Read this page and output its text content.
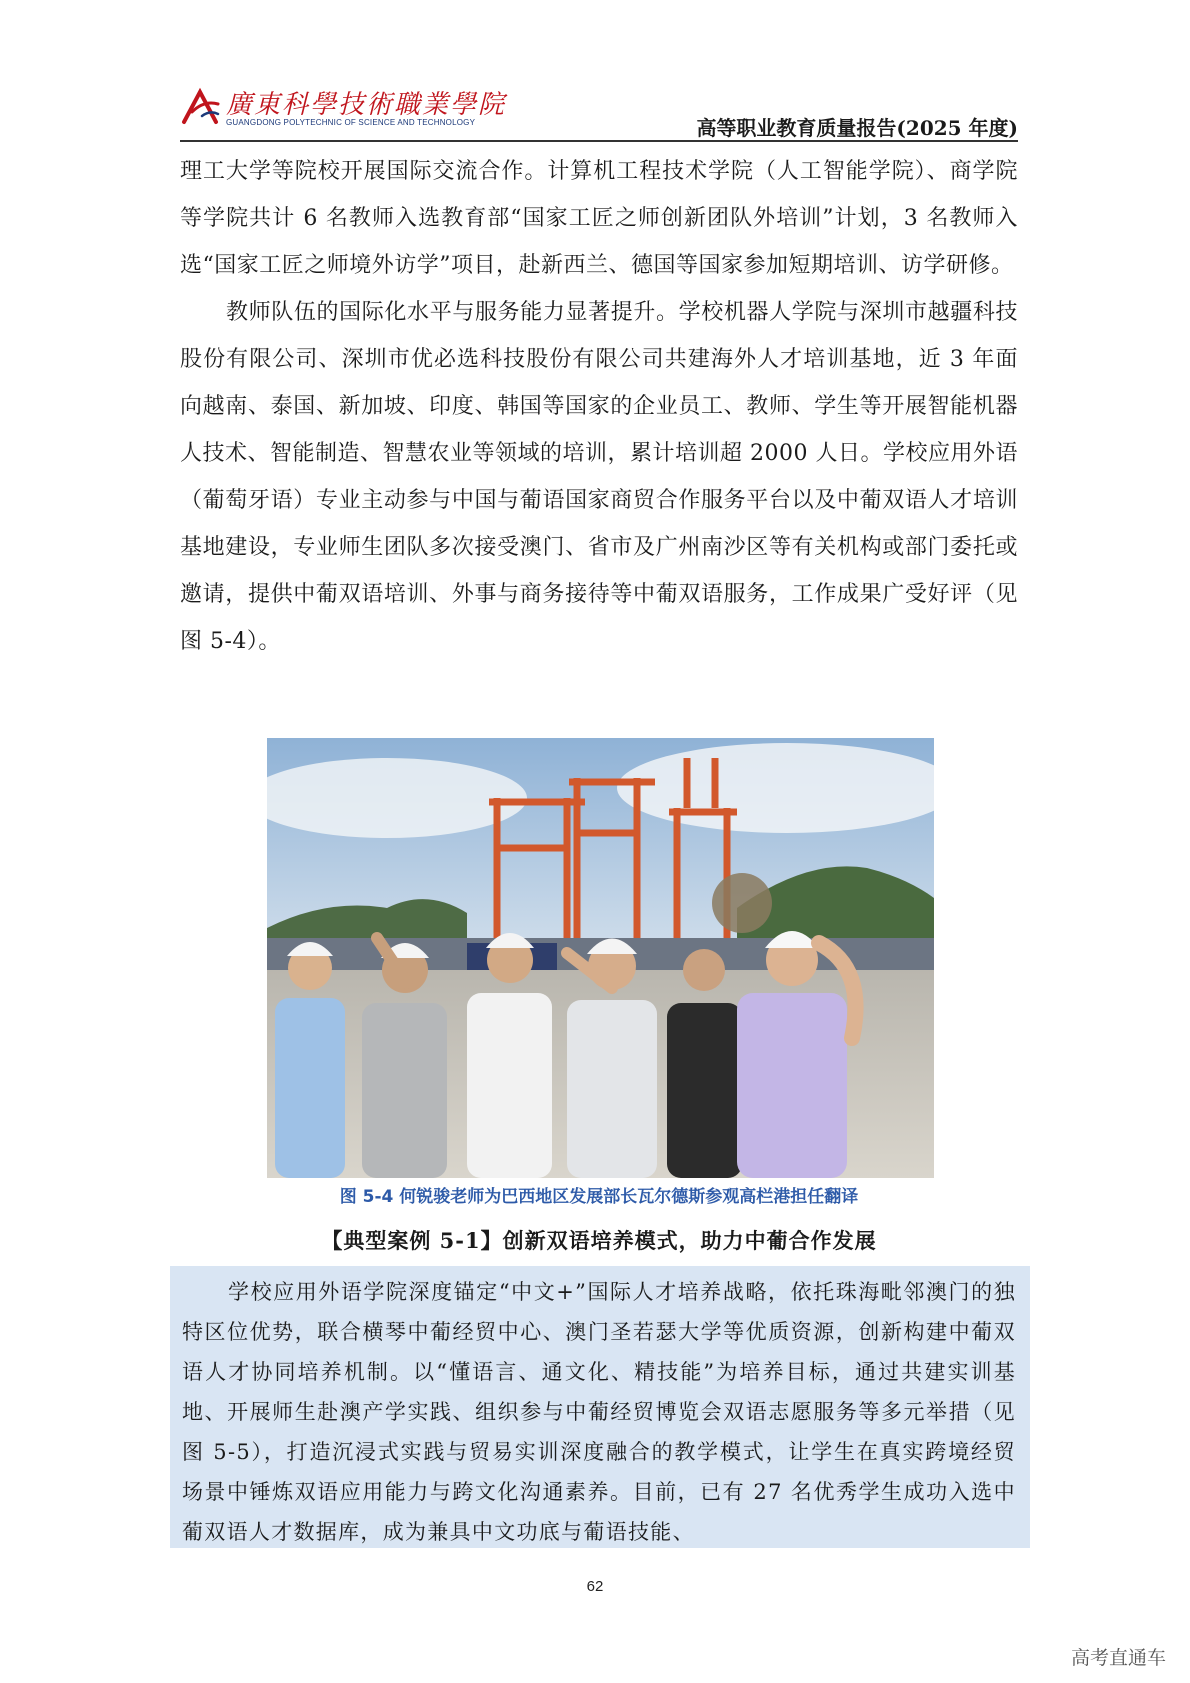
廣東科學技術職業學院
GUANGDONG POLYTECHNIC OF SCIENCE AND TECHNOLOGY	高等职业教育质量报告(2025 年度)

理工大学等院校开展国际交流合作。计算机工程技术学院（人工智能学院）、商学院等学院共计 6 名教师入选教育部“国家工匠之师创新团队外培训”计划，3 名教师入选“国家工匠之师境外访学”项目，赴新西兰、德国等国家参加短期培训、访学研修。

教师队伍的国际化水平与服务能力显著提升。学校机器人学院与深圳市越疆科技股份有限公司、深圳市优必选科技股份有限公司共建海外人才培训基地，近 3 年面向越南、泰国、新加坡、印度、韩国等国家的企业员工、教师、学生等开展智能机器人技术、智能制造、智慧农业等领域的培训，累计培训超 2000 人日。学校应用外语（葡萄牙语）专业主动参与中国与葡语国家商贸合作服务平台以及中葡双语人才培训基地建设，专业师生团队多次接受澳门、省市及广州南沙区等有关机构或部门委托或邀请，提供中葡双语培训、外事与商务接待等中葡双语服务，工作成果广受好评（见图 5-4）。

图 5-4 何锐骏老师为巴西地区发展部长瓦尔德斯参观高栏港担任翻译
【典型案例 5-1】创新双语培养模式，助力中葡合作发展

学校应用外语学院深度锚定“中文+”国际人才培养战略，依托珠海毗邻澳门的独特区位优势，联合横琴中葡经贸中心、澳门圣若瑟大学等优质资源，创新构建中葡双语人才协同培养机制。以“懂语言、通文化、精技能”为培养目标，通过共建实训基地、开展师生赴澳产学实践、组织参与中葡经贸博览会双语志愿服务等多元举措（见图 5-5），打造沉浸式实践与贸易实训深度融合的教学模式，让学生在真实跨境经贸场景中锤炼双语应用能力与跨文化沟通素养。目前，已有 27 名优秀学生成功入选中葡双语人才数据库，成为兼具中文功底与葡语技能、

62
高考直通车
